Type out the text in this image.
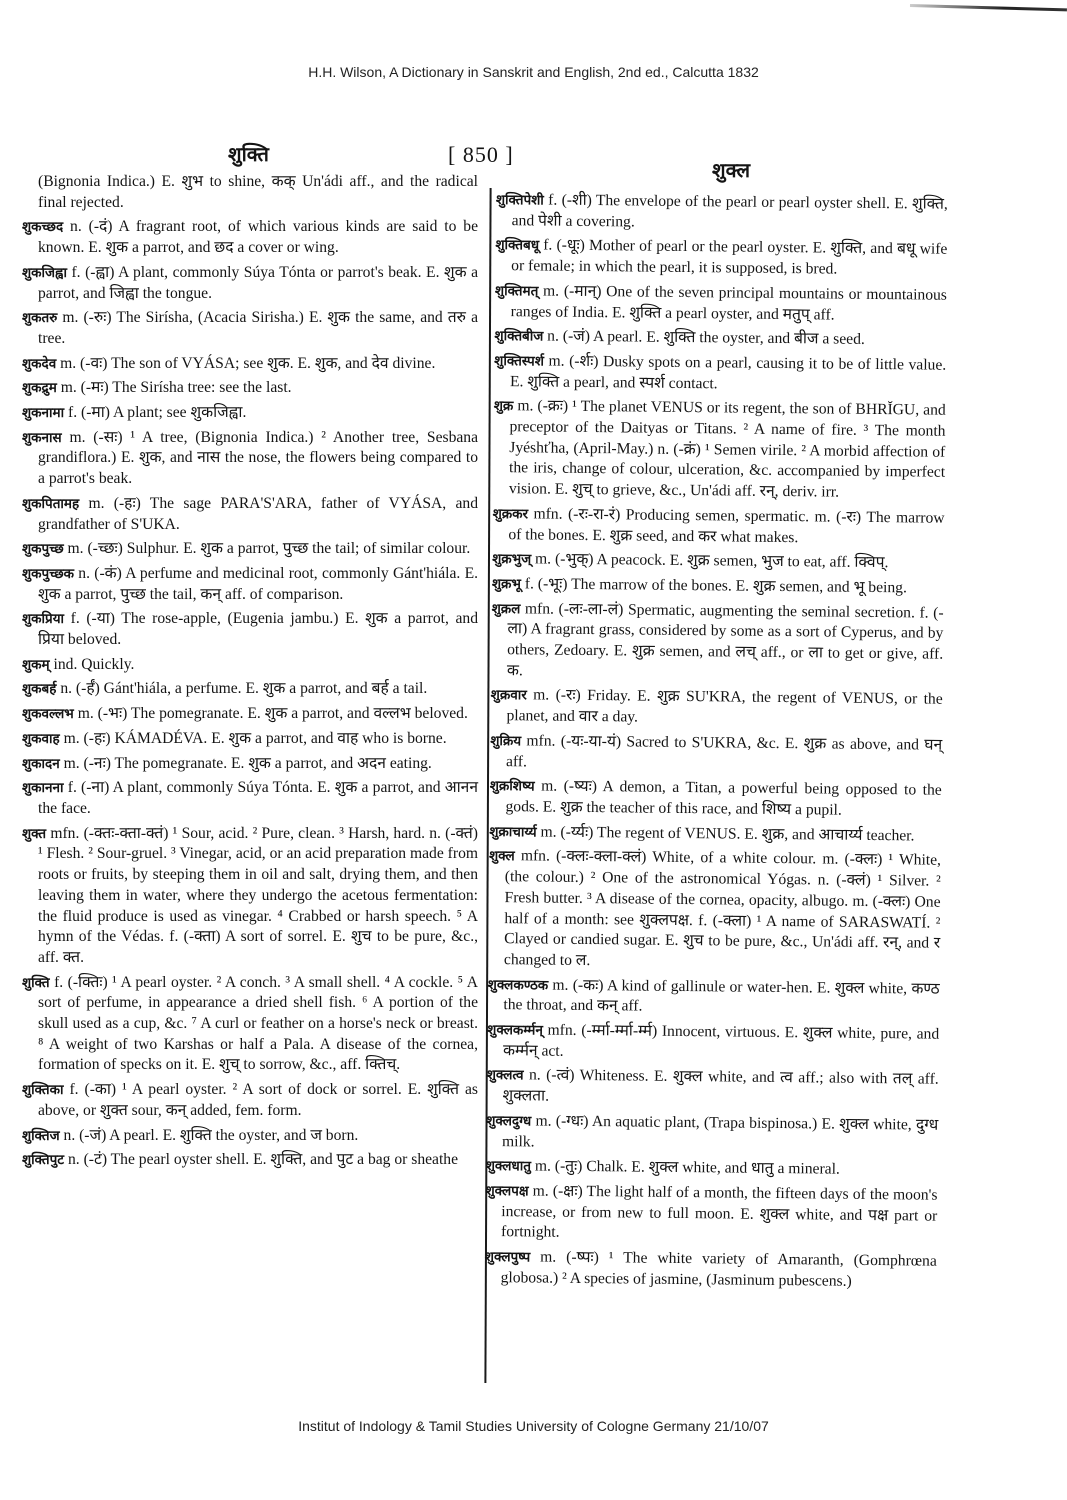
H.H. Wilson, A Dictionary in Sanskrit and English, 2nd ed., Calcutta 1832
शुक्ति	[ 850 ]
शुक्ल

(Bignonia Indica.) E. शुभ to shine, कक् Un'ádi aff., and the radical final rejected.

शुकच्छद n. (-दं) A fragrant root, of which various kinds are said to be known. E. शुक a parrot, and छद a cover or wing.

शुकजिह्वा f. (-ह्वा) A plant, commonly Súya Tónta or parrot's beak. E. शुक a parrot, and जिह्वा the tongue.

शुकतरु m. (-रुः) The Sirísha, (Acacia Sirisha.) E. शुक the same, and तरु a tree.

शुकदेव m. (-वः) The son of VYÁSA; see शुक. E. शुक, and देव divine.

शुकद्रुम m. (-मः) The Sirísha tree: see the last.

शुकनामा f. (-मा) A plant; see शुकजिह्वा.

शुकनास m. (-सः) ¹ A tree, (Bignonia Indica.) ² Another tree, Sesbana grandiflora.) E. शुक, and नास the nose, the flowers being compared to a parrot's beak.

शुकपितामह m. (-हः) The sage PARA'S'ARA, father of VYÁSA, and grandfather of S'UKA.

शुकपुच्छ m. (-च्छः) Sulphur. E. शुक a parrot, पुच्छ the tail; of similar colour.

शुकपुच्छक n. (-कं) A perfume and medicinal root, commonly Gánt'hiála. E. शुक a parrot, पुच्छ the tail, कन् aff. of comparison.

शुकप्रिया f. (-या) The rose-apple, (Eugenia jambu.) E. शुक a parrot, and प्रिया beloved.

शुकम् ind. Quickly.

शुकबर्ह n. (-र्हं) Gánt'hiála, a perfume. E. शुक a parrot, and बर्ह a tail.

शुकवल्लभ m. (-भः) The pomegranate. E. शुक a parrot, and वल्लभ beloved.

शुकवाह m. (-हः) KÁMADÉVA. E. शुक a parrot, and वाह who is borne.

शुकादन m. (-नः) The pomegranate. E. शुक a parrot, and अदन eating.

शुकानना f. (-ना) A plant, commonly Súya Tónta. E. शुक a parrot, and आनन the face.

शुक्त mfn. (-क्तः-क्ता-क्तं) ¹ Sour, acid. ² Pure, clean. ³ Harsh, hard. n. (-क्तं) ¹ Flesh. ² Sour-gruel. ³ Vinegar, acid, or an acid preparation made from roots or fruits, by steeping them in oil and salt, drying them, and then leaving them in water, where they undergo the acetous fermentation: the fluid produce is used as vinegar. ⁴ Crabbed or harsh speech. ⁵ A hymn of the Védas. f. (-क्ता) A sort of sorrel. E. शुच to be pure, &c., aff. क्त.

शुक्ति f. (-क्तिः) ¹ A pearl oyster. ² A conch. ³ A small shell. ⁴ A cockle. ⁵ A sort of perfume, in appearance a dried shell fish. ⁶ A portion of the skull used as a cup, &c. ⁷ A curl or feather on a horse's neck or breast. ⁸ A weight of two Karshas or half a Pala. A disease of the cornea, formation of specks on it. E. शुच् to sorrow, &c., aff. क्तिच्.

शुक्तिका f. (-का) ¹ A pearl oyster. ² A sort of dock or sorrel. E. शुक्ति as above, or शुक्त sour, कन् added, fem. form.

शुक्तिज n. (-जं) A pearl. E. शुक्ति the oyster, and ज born.

शुक्तिपुट n. (-टं) The pearl oyster shell. E. शुक्ति, and पुट a bag or sheathe

शुक्तिपेशी f. (-शी) The envelope of the pearl or pearl oyster shell. E. शुक्ति, and पेशी a covering.

शुक्तिबधू f. (-धूः) Mother of pearl or the pearl oyster. E. शुक्ति, and बधू wife or female; in which the pearl, it is supposed, is bred.

शुक्तिमत् m. (-मान्) One of the seven principal mountains or mountainous ranges of India. E. शुक्ति a pearl oyster, and मतुप् aff.

शुक्तिबीज n. (-जं) A pearl. E. शुक्ति the oyster, and बीज a seed.

शुक्तिस्पर्श m. (-र्शः) Dusky spots on a pearl, causing it to be of little value. E. शुक्ति a pearl, and स्पर्श contact.

शुक्र m. (-क्रः) ¹ The planet VENUS or its regent, the son of BHRĬGU, and preceptor of the Daityas or Titans. ² A name of fire. ³ The month Jyéshťha, (April-May.) n. (-क्रं) ¹ Semen virile. ² A morbid affection of the iris, change of colour, ulceration, &c. accompanied by imperfect vision. E. शुच् to grieve, &c., Un'ádi aff. रन्, deriv. irr.

शुक्रकर mfn. (-रः-रा-रं) Producing semen, spermatic. m. (-रः) The marrow of the bones. E. शुक्र seed, and कर what makes.

शुक्रभुज् m. (-भुक्) A peacock. E. शुक्र semen, भुज to eat, aff. क्विप्.

शुक्रभू f. (-भूः) The marrow of the bones. E. शुक्र semen, and भू being.

शुक्रल mfn. (-लः-ला-लं) Spermatic, augmenting the seminal secretion. f. (-ला) A fragrant grass, considered by some as a sort of Cyperus, and by others, Zedoary. E. शुक्र semen, and लच् aff., or ला to get or give, aff. क.

शुक्रवार m. (-रः) Friday. E. शुक्र SU'KRA, the regent of VENUS, or the planet, and वार a day.

शुक्रिय mfn. (-यः-या-यं) Sacred to S'UKRA, &c. E. शुक्र as above, and घन् aff.

शुक्रशिष्य m. (-ष्यः) A demon, a Titan, a powerful being opposed to the gods. E. शुक्र the teacher of this race, and शिष्य a pupil.

शुक्राचार्य्य m. (-र्य्यः) The regent of VENUS. E. शुक्र, and आचार्य्य teacher.

शुक्ल mfn. (-क्लः-क्ला-क्लं) White, of a white colour. m. (-क्लः) ¹ White, (the colour.) ² One of the astronomical Yógas. n. (-क्लं) ¹ Silver. ² Fresh butter. ³ A disease of the cornea, opacity, albugo. m. (-क्लः) One half of a month: see शुक्लपक्ष. f. (-क्ला) ¹ A name of SARASWATÍ. ² Clayed or candied sugar. E. शुच to be pure, &c., Un'ádi aff. रन्, and र changed to ल.

शुक्लकण्ठक m. (-कः) A kind of gallinule or water-hen. E. शुक्ल white, कण्ठ the throat, and कन् aff.

शुक्लकर्म्मन् mfn. (-र्म्मा-र्म्मा-र्म्म) Innocent, virtuous. E. शुक्ल white, pure, and कर्म्मन् act.

शुक्लत्व n. (-त्वं) Whiteness. E. शुक्ल white, and त्व aff.; also with तल् aff. शुक्लता.

शुक्लदुग्ध m. (-ग्धः) An aquatic plant, (Trapa bispinosa.) E. शुक्ल white, दुग्ध milk.

शुक्लधातु m. (-तुः) Chalk. E. शुक्ल white, and धातु a mineral.

शुक्लपक्ष m. (-क्षः) The light half of a month, the fifteen days of the moon's increase, or from new to full moon. E. शुक्ल white, and पक्ष part or fortnight.

शुक्लपुष्प m. (-ष्पः) ¹ The white variety of Amaranth, (Gomphrœna globosa.) ² A species of jasmine, (Jasminum pubescens.)

Institut of Indology & Tamil Studies University of Cologne Germany 21/10/07
